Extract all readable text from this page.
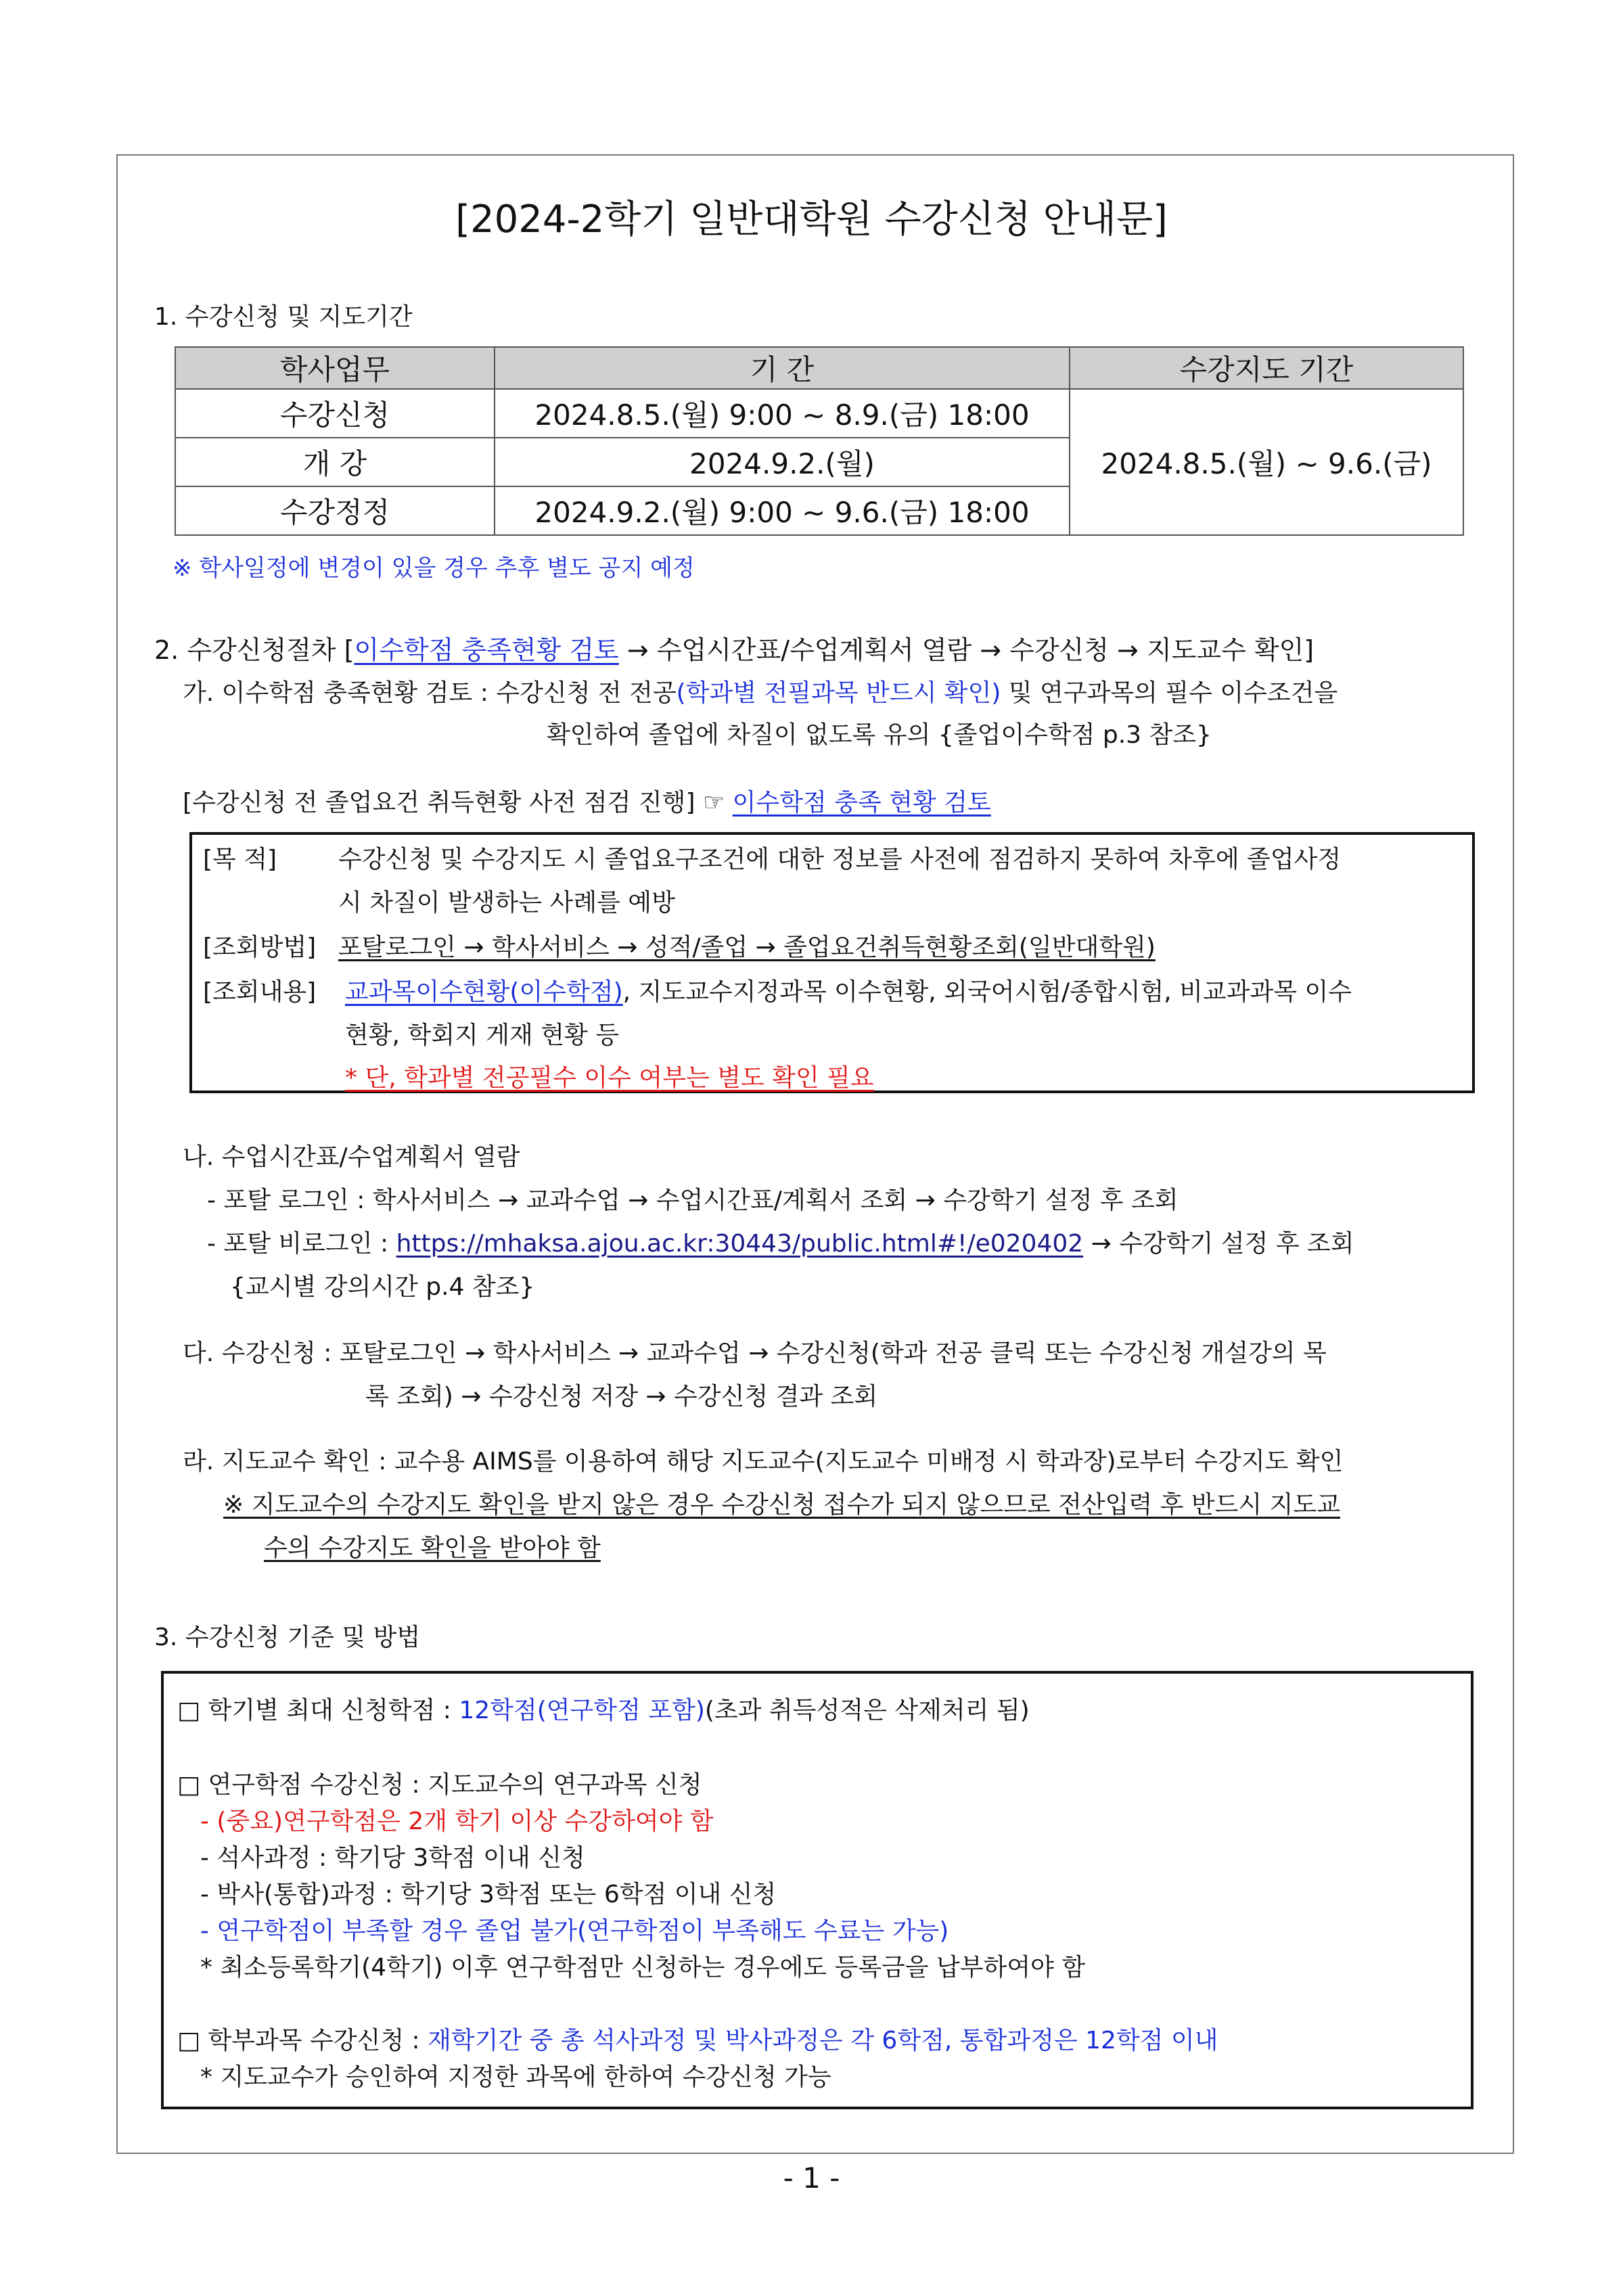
[2024-2학기 일반대학원 수강신청 안내문]
1. 수강신청 및 지도기간
학사업무	기 간	수강지도 기간
수강신청	2024.8.5.(월) 9:00 ~ 8.9.(금) 18:00	2024.8.5.(월) ~ 9.6.(금)
개 강	2024.9.2.(월)	
수강정정	2024.9.2.(월) 9:00 ~ 9.6.(금) 18:00	
※ 학사일정에 변경이 있을 경우 추후 별도 공지 예정
2. 수강신청절차 [이수학점 충족현황 검토 → 수업시간표/수업계획서 열람 → 수강신청 → 지도교수 확인]
가. 이수학점 충족현황 검토 : 수강신청 전 전공(학과별 전필과목 반드시 확인) 및 연구과목의 필수 이수조건을
확인하여 졸업에 차질이 없도록 유의 {졸업이수학점 p.3 참조}
[수강신청 전 졸업요건 취득현황 사전 점검 진행] ☞ 이수학점 충족 현황 검토
[목 적]	수강신청 및 수강지도 시 졸업요구조건에 대한 정보를 사전에 점검하지 못하여 차후에 졸업사정
시 차질이 발생하는 사례를 예방
[조회방법] 포탈로그인 → 학사서비스 → 성적/졸업 → 졸업요건취득현황조회(일반대학원)
[조회내용] 교과목이수현황(이수학점), 지도교수지정과목 이수현황, 외국어시험/종합시험, 비교과과목 이수
현황, 학회지 게재 현황 등
* 단, 학과별 전공필수 이수 여부는 별도 확인 필요
나. 수업시간표/수업계획서 열람
- 포탈 로그인 : 학사서비스 → 교과수업 → 수업시간표/계획서 조회 → 수강학기 설정 후 조회
- 포탈 비로그인 : https://mhaksa.ajou.ac.kr:30443/public.html#!/e020402 → 수강학기 설정 후 조회
{교시별 강의시간 p.4 참조}
다. 수강신청 : 포탈로그인 → 학사서비스 → 교과수업 → 수강신청(학과 전공 클릭 또는 수강신청 개설강의 목
록 조회) → 수강신청 저장 → 수강신청 결과 조회
라. 지도교수 확인 : 교수용 AIMS를 이용하여 해당 지도교수(지도교수 미배정 시 학과장)로부터 수강지도 확인
※ 지도교수의 수강지도 확인을 받지 않은 경우 수강신청 접수가 되지 않으므로 전산입력 후 반드시 지도교
수의 수강지도 확인을 받아야 함
3. 수강신청 기준 및 방법
□ 학기별 최대 신청학점 : 12학점(연구학점 포함)(초과 취득성적은 삭제처리 됨)
□ 연구학점 수강신청 : 지도교수의 연구과목 신청
- (중요)연구학점은 2개 학기 이상 수강하여야 함
- 석사과정 : 학기당 3학점 이내 신청
- 박사(통합)과정 : 학기당 3학점 또는 6학점 이내 신청
- 연구학점이 부족할 경우 졸업 불가(연구학점이 부족해도 수료는 가능)
* 최소등록학기(4학기) 이후 연구학점만 신청하는 경우에도 등록금을 납부하여야 함
□ 학부과목 수강신청 : 재학기간 중 총 석사과정 및 박사과정은 각 6학점, 통합과정은 12학점 이내
* 지도교수가 승인하여 지정한 과목에 한하여 수강신청 가능
- 1 -
